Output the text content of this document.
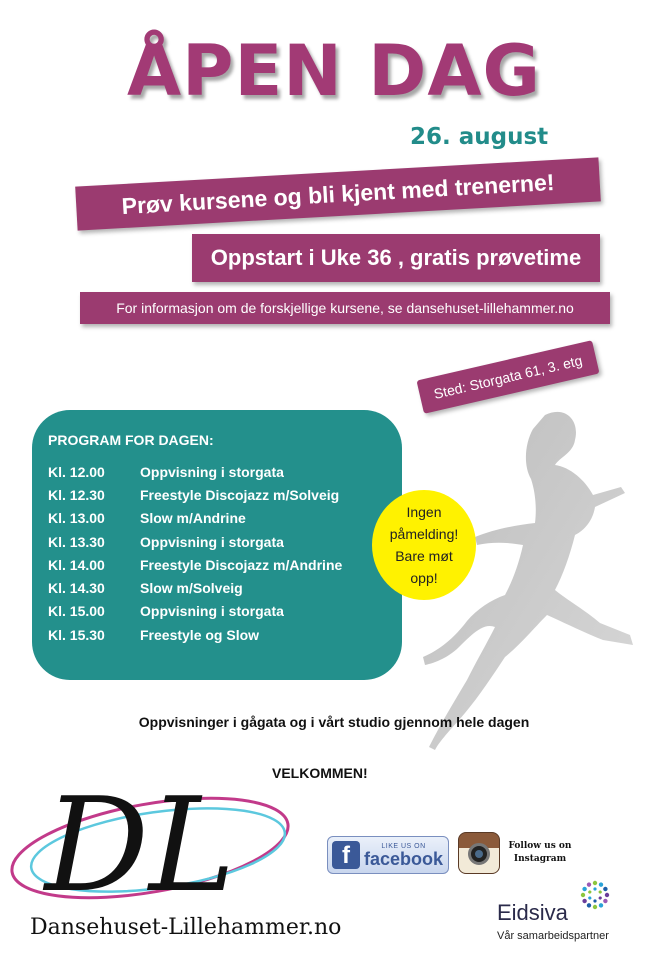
ÅPEN DAG
26. august
Prøv kursene og bli kjent med trenerne!
Oppstart i Uke 36 , gratis prøvetime
For informasjon om de forskjellige kursene, se dansehuset-lillehammer.no
Sted: Storgata 61, 3. etg
PROGRAM FOR DAGEN:
Kl. 12.00	Oppvisning i storgata
Kl. 12.30	Freestyle Discojazz m/Solveig
Kl. 13.00	Slow m/Andrine
Kl. 13.30	Oppvisning i storgata
Kl. 14.00	Freestyle Discojazz m/Andrine
Kl. 14.30	Slow m/Solveig
Kl. 15.00	Oppvisning i storgata
Kl. 15.30	Freestyle og Slow
Ingen
påmelding!
Bare møt
opp!
Oppvisninger i gågata og i vårt studio gjennom hele dagen
VELKOMMEN!
DL
Dansehuset-Lillehammer.no
f	LIKE US ON
facebook
Follow us on Instagram
Eidsiva
Vår samarbeidspartner
